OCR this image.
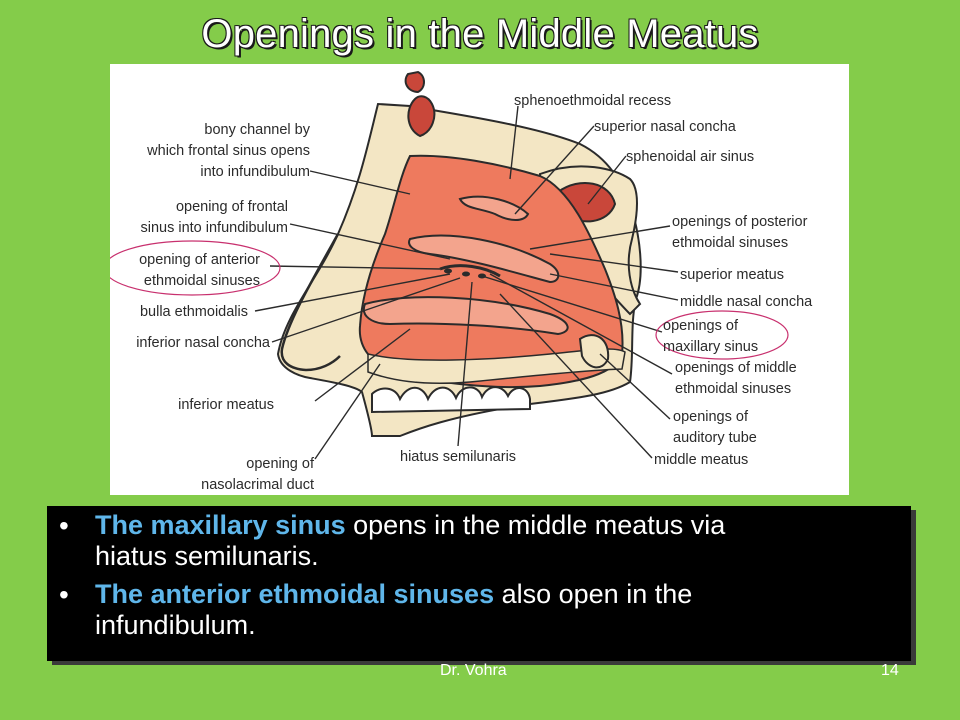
Openings in the Middle Meatus
bony channel by
which frontal sinus opens
into infundibulum
opening of frontal
sinus into infundibulum
opening of anterior
ethmoidal sinuses
bulla ethmoidalis
inferior nasal concha
inferior meatus
opening of
nasolacrimal duct
hiatus semilunaris
sphenoethmoidal recess
superior nasal concha
sphenoidal air sinus
openings of posterior
ethmoidal sinuses
superior meatus
middle nasal concha
openings of
maxillary sinus
openings of middle
ethmoidal sinuses
openings of
auditory tube
middle meatus
• The maxillary sinus opens in the middle meatus via
hiatus semilunaris.
• The anterior ethmoidal sinuses also open in the
infundibulum.
Dr. Vohra	14
